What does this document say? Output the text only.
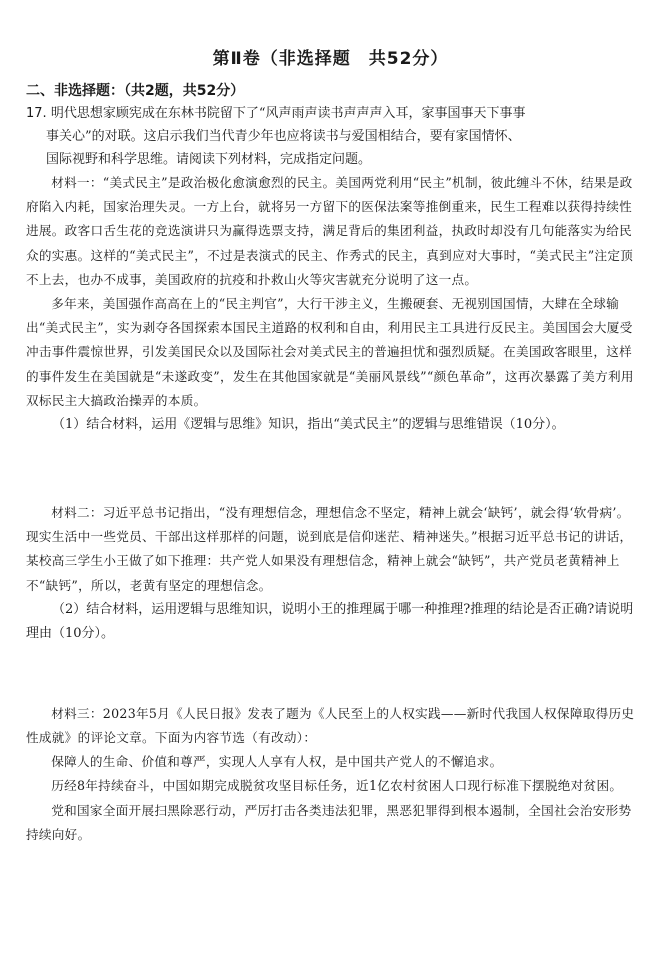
第Ⅱ卷（非选择题　共52分）
二、非选择题：（共2题，共52分）
17. 明代思想家顾宪成在东林书院留下了“风声雨声读书声声声入耳，家事国事天下事事
事关心”的对联。这启示我们当代青少年也应将读书与爱国相结合，要有家国情怀、
国际视野和科学思维。请阅读下列材料，完成指定问题。

材料一：“美式民主”是政治极化愈演愈烈的民主。美国两党利用“民主”机制，彼此缠斗不休，结果是政府陷入内耗，国家治理失灵。一方上台，就将另一方留下的医保法案等推倒重来，民生工程难以获得持续性进展。政客口舌生花的竞选演讲只为赢得选票支持，满足背后的集团利益，执政时却没有几句能落实为给民众的实惠。这样的“美式民主”，不过是表演式的民主、作秀式的民主，真到应对大事时，“美式民主”注定顶不上去，也办不成事，美国政府的抗疫和扑救山火等灾害就充分说明了这一点。

多年来，美国强作高高在上的“民主判官”，大行干涉主义，生搬硬套、无视别国国情，大肆在全球输出“美式民主”，实为剥夺各国探索本国民主道路的权利和自由，利用民主工具进行反民主。美国国会大厦受冲击事件震惊世界，引发美国民众以及国际社会对美式民主的普遍担忧和强烈质疑。在美国政客眼里，这样的事件发生在美国就是“未遂政变”，发生在其他国家就是“美丽风景线”“颜色革命”，这再次暴露了美方利用双标民主大搞政治操弄的本质。

（1）结合材料，运用《逻辑与思维》知识，指出“美式民主”的逻辑与思维错误（10分）。

材料二：习近平总书记指出，“没有理想信念，理想信念不坚定，精神上就会‘缺钙’，就会得‘软骨病’。现实生活中一些党员、干部出这样那样的问题，说到底是信仰迷茫、精神迷失。”根据习近平总书记的讲话，某校高三学生小王做了如下推理：共产党人如果没有理想信念，精神上就会“缺钙”，共产党员老黄精神上不“缺钙”，所以，老黄有坚定的理想信念。

（2）结合材料，运用逻辑与思维知识，说明小王的推理属于哪一种推理?推理的结论是否正确?请说明理由（10分）。

材料三：2023年5月《人民日报》发表了题为《人民至上的人权实践——新时代我国人权保障取得历史性成就》的评论文章。下面为内容节选（有改动）：

保障人的生命、价值和尊严，实现人人享有人权，是中国共产党人的不懈追求。

历经8年持续奋斗，中国如期完成脱贫攻坚目标任务，近1亿农村贫困人口现行标准下摆脱绝对贫困。

党和国家全面开展扫黑除恶行动，严厉打击各类违法犯罪，黑恶犯罪得到根本遏制，全国社会治安形势持续向好。
